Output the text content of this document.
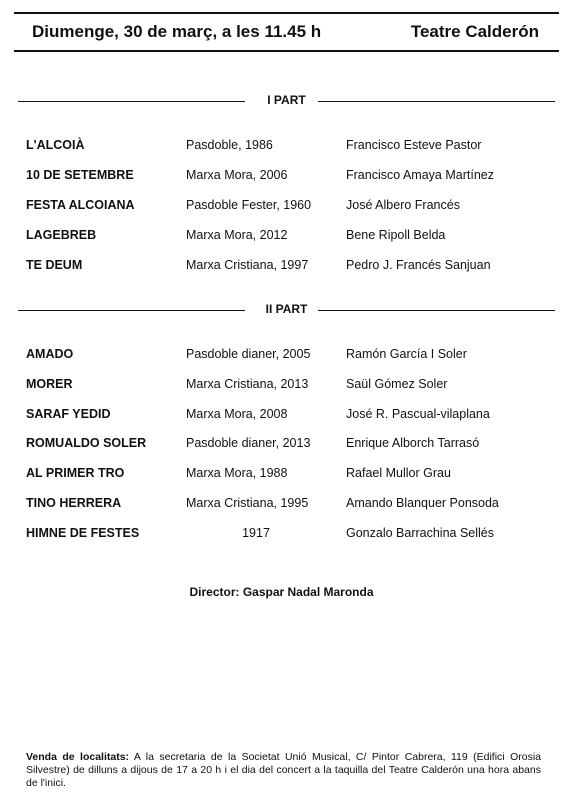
Diumenge, 30 de març, a les 11.45 h	Teatre Calderón
I PART
L'ALCOIÀ	Pasdoble, 1986	Francisco Esteve Pastor
10 DE SETEMBRE	Marxa Mora, 2006	Francisco Amaya Martínez
FESTA ALCOIANA	Pasdoble Fester, 1960	José Albero Francés
LAGEBREB	Marxa Mora, 2012	Bene Ripoll Belda
TE DEUM	Marxa Cristiana, 1997	Pedro J. Francés Sanjuan
II PART
AMADO	Pasdoble dianer, 2005	Ramón García I Soler
MORER	Marxa Cristiana, 2013	Saül Gómez Soler
SARAF YEDID	Marxa Mora, 2008	José R. Pascual-vilaplana
ROMUALDO SOLER	Pasdoble dianer, 2013	Enrique Alborch Tarrasó
AL PRIMER TRO	Marxa Mora, 1988	Rafael Mullor Grau
TINO HERRERA	Marxa Cristiana, 1995	Amando Blanquer Ponsoda
HIMNE DE FESTES	1917	Gonzalo Barrachina Sellés
Director: Gaspar Nadal Maronda
Venda de localitats: A la secretaria de la Societat Unió Musical, C/ Pintor Cabrera, 119 (Edifici Orosia Silvestre) de dilluns a dijous de 17 a 20 h i el dia del concert a la taquilla del Teatre Calderón una hora abans de l'inici.
